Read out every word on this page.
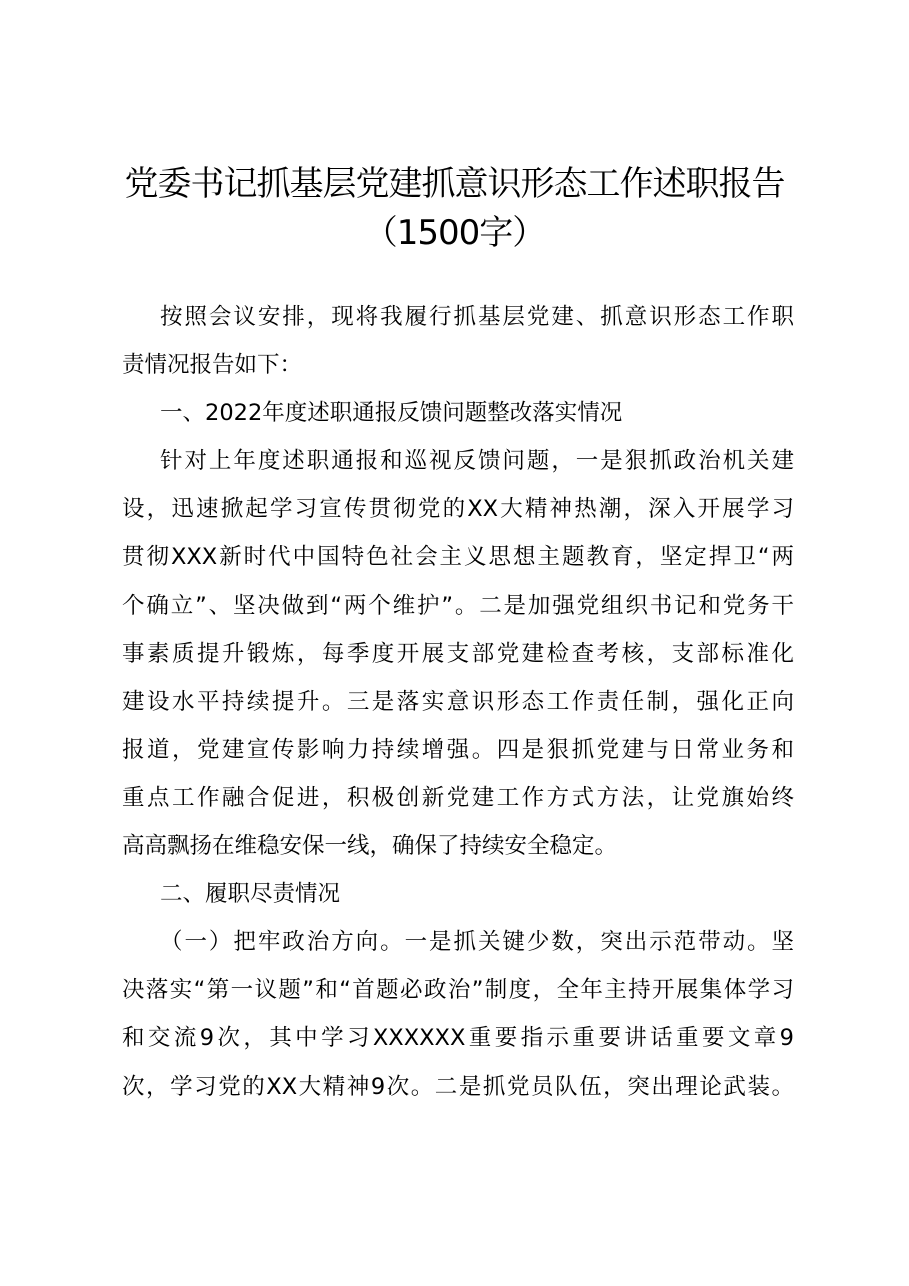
党委书记抓基层党建抓意识形态工作述职报告
（1500字）
按照会议安排，现将我履行抓基层党建、抓意识形态工作职
责情况报告如下：
一、2022年度述职通报反馈问题整改落实情况
针对上年度述职通报和巡视反馈问题，一是狠抓政治机关建
设，迅速掀起学习宣传贯彻党的XX大精神热潮，深入开展学习
贯彻XXX新时代中国特色社会主义思想主题教育，坚定捍卫“两
个确立”、坚决做到“两个维护”。二是加强党组织书记和党务干
事素质提升锻炼，每季度开展支部党建检查考核，支部标准化
建设水平持续提升。三是落实意识形态工作责任制，强化正向
报道，党建宣传影响力持续增强。四是狠抓党建与日常业务和
重点工作融合促进，积极创新党建工作方式方法，让党旗始终
高高飘扬在维稳安保一线，确保了持续安全稳定。
二、履职尽责情况
（一）把牢政治方向。一是抓关键少数，突出示范带动。坚
决落实“第一议题”和“首题必政治”制度，全年主持开展集体学习
和交流9次，其中学习XXXXXX重要指示重要讲话重要文章9
次，学习党的XX大精神9次。二是抓党员队伍，突出理论武装。
